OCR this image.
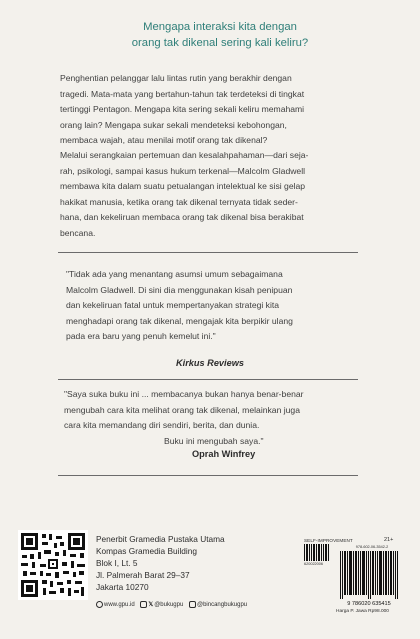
Mengapa interaksi kita dengan
orang tak dikenal sering kali keliru?
Penghentian pelanggar lalu lintas rutin yang berakhir dengan
tragedi. Mata-mata yang bertahun-tahun tak terdeteksi di tingkat
tertinggi Pentagon. Mengapa kita sering sekali keliru memahami
orang lain? Mengapa sukar sekali mendeteksi kebohongan,
membaca wajah, atau menilai motif orang tak dikenal?
Melalui serangkaian pertemuan dan kesalahpahaman—dari seja-
rah, psikologi, sampai kasus hukum terkenal—Malcolm Gladwell
membawa kita dalam suatu petualangan intelektual ke sisi gelap
hakikat manusia, ketika orang tak dikenal ternyata tidak seder-
hana, dan kekeliruan membaca orang tak dikenal bisa berakibat
bencana.
"Tidak ada yang menantang asumsi umum sebagaimana
Malcolm Gladwell. Di sini dia menggunakan kisah penipuan
dan kekeliruan fatal untuk mempertanyakan strategi kita
menghadapi orang tak dikenal, mengajak kita berpikir ulang
pada era baru yang penuh kemelut ini."
Kirkus Reviews
"Saya suka buku ini ... membacanya bukan hanya benar-benar
mengubah cara kita melihat orang tak dikenal, melainkan juga
cara kita memandang diri sendiri, berita, dan dunia.
Buku ini mengubah saya."
Oprah Winfrey
Penerbit Gramedia Pustaka Utama
Kompas Gramedia Building
Blok I, Lt. 5
Jl. Palmerah Barat 29–37
Jakarta 10270
www.gpu.id 𝕏@bukugpu @bincangbukugpu
SELF-IMPROVEMENT	21+
620022006
978-602-06-3542-2
9 786020 635415
Harga P. Jawa Rp98.000
